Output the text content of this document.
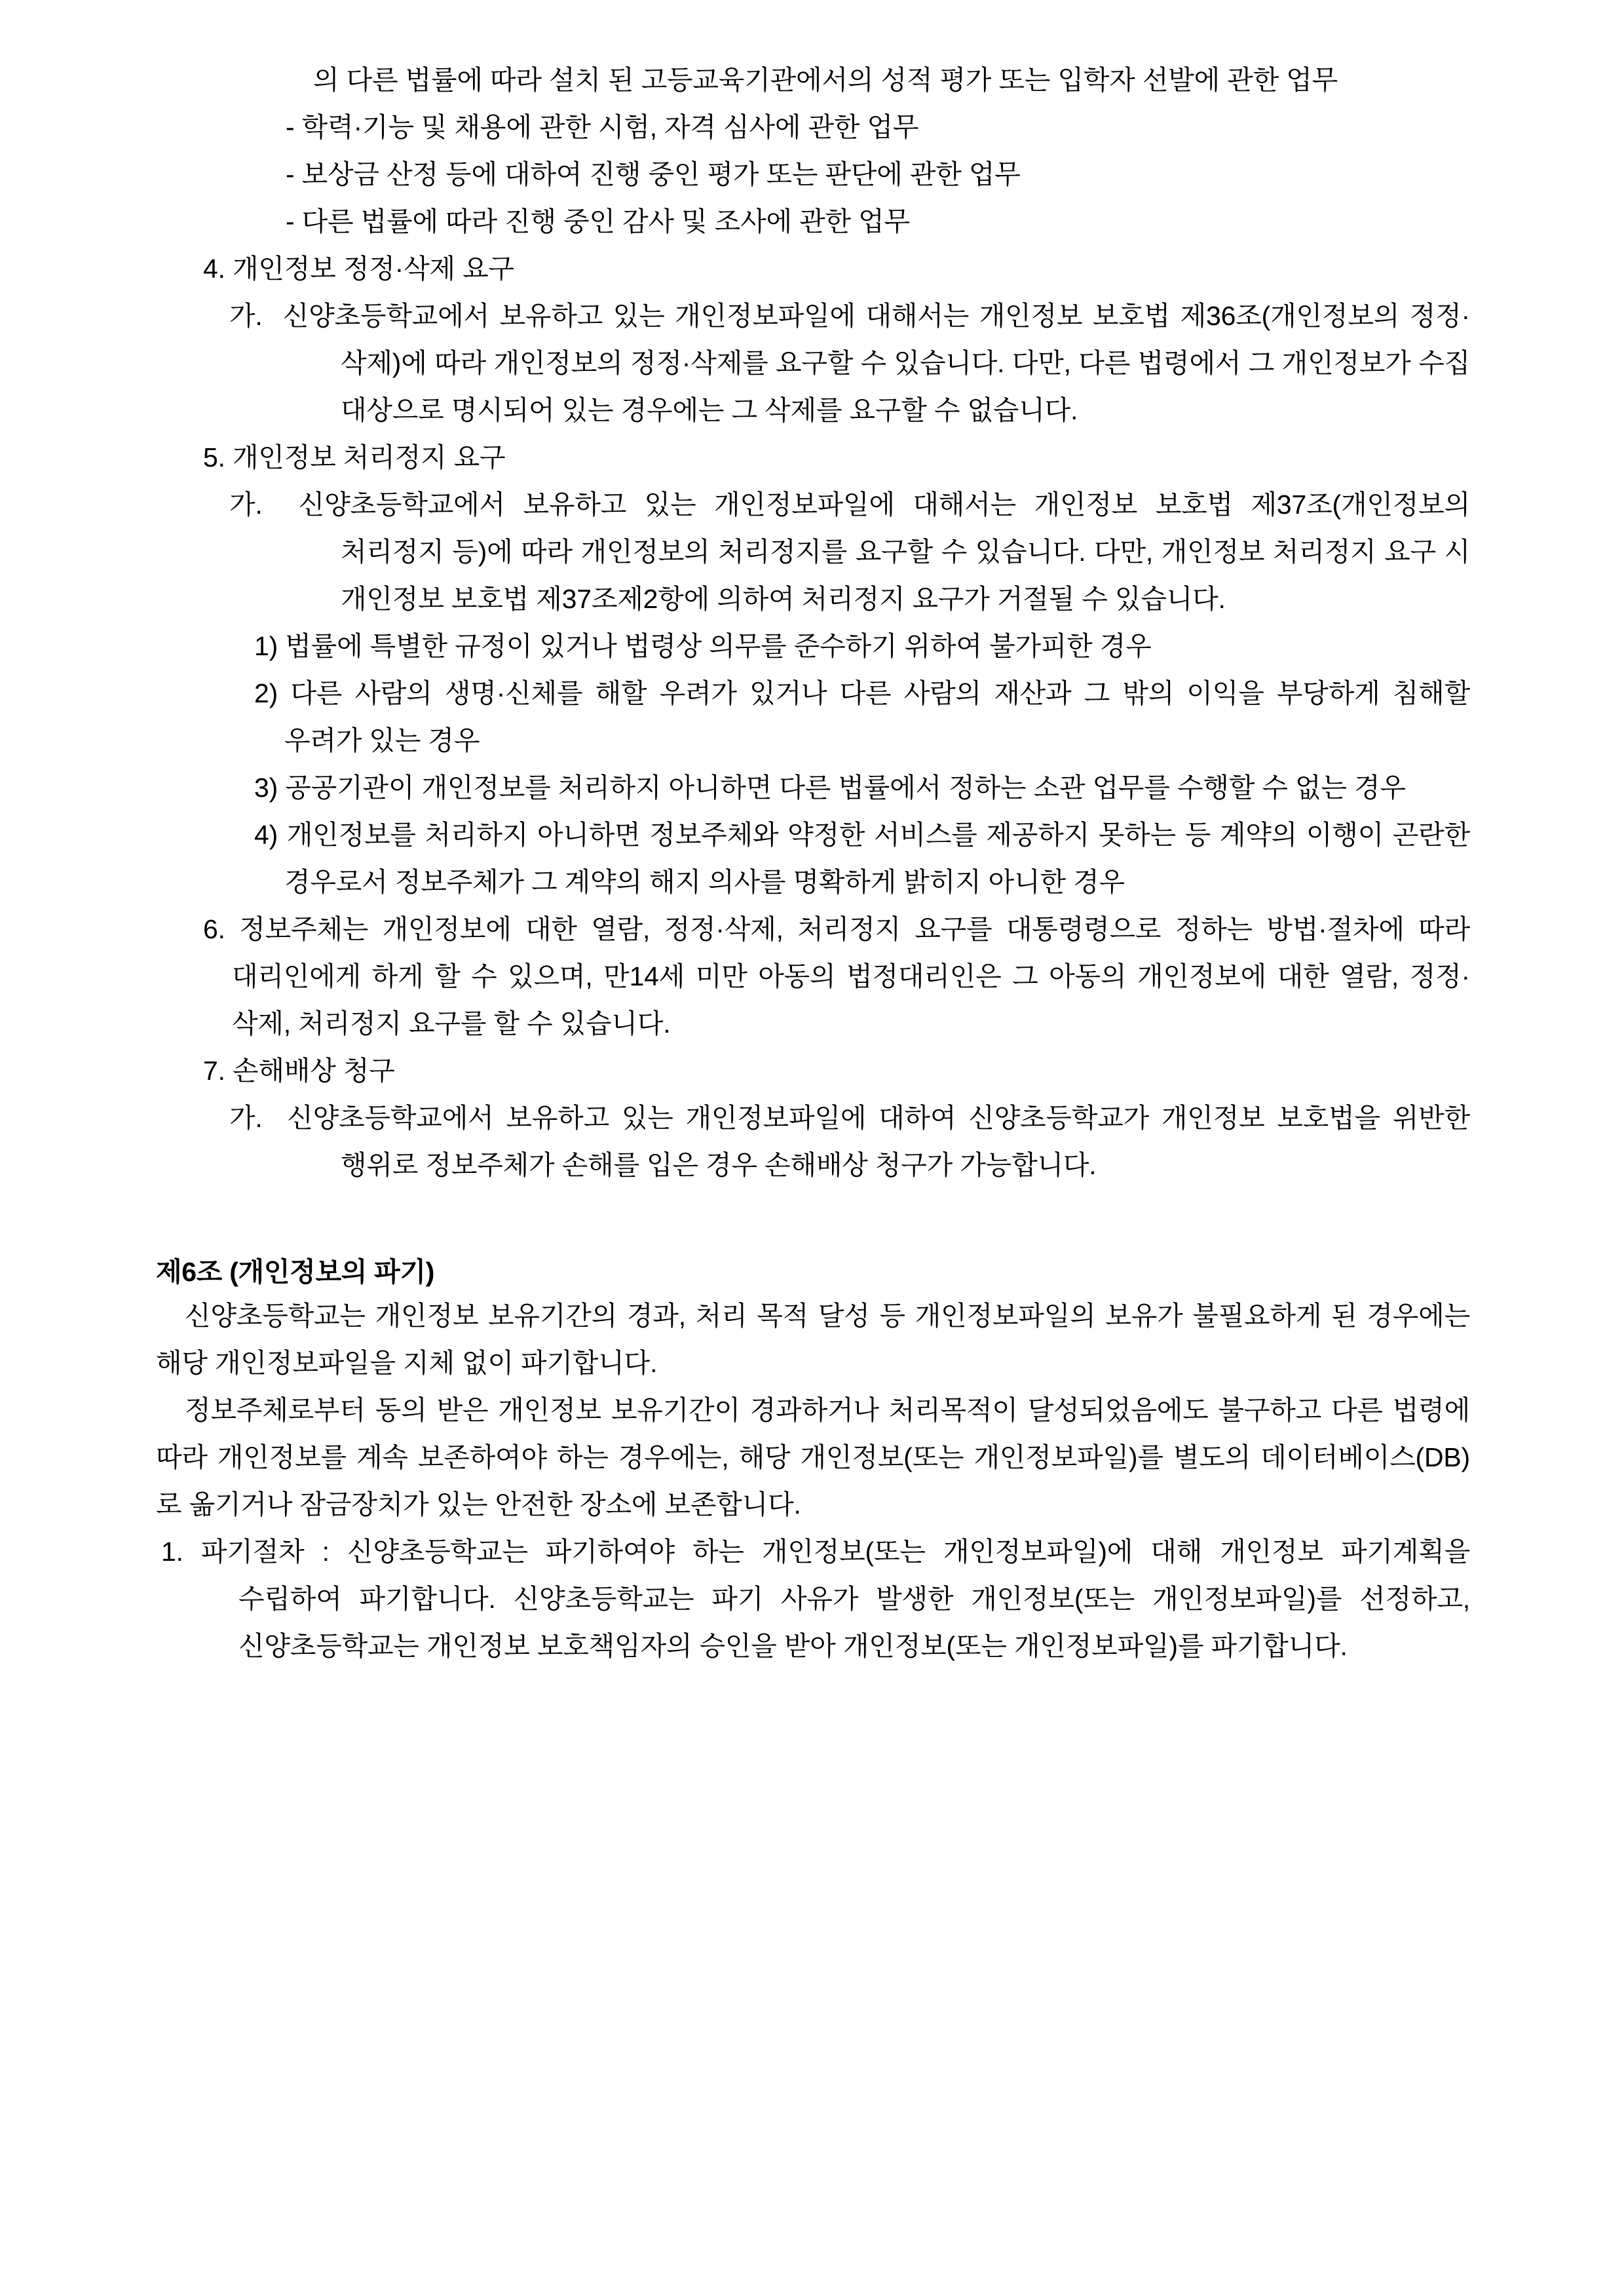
의 다른 법률에 따라 설치 된 고등교육기관에서의 성적 평가 또는 입학자 선발에 관한 업무

- 학력·기능 및 채용에 관한 시험, 자격 심사에 관한 업무

- 보상금 산정 등에 대하여 진행 중인 평가 또는 판단에 관한 업무

- 다른 법률에 따라 진행 중인 감사 및 조사에 관한 업무

4. 개인정보 정정·삭제 요구

가. 신양초등학교에서 보유하고 있는 개인정보파일에 대해서는 개인정보 보호법 제36조(개인정보의 정정·삭제)에 따라 개인정보의 정정·삭제를 요구할 수 있습니다. 다만, 다른 법령에서 그 개인정보가 수집 대상으로 명시되어 있는 경우에는 그 삭제를 요구할 수 없습니다.

5. 개인정보 처리정지 요구

가. 신양초등학교에서 보유하고 있는 개인정보파일에 대해서는 개인정보 보호법 제37조(개인정보의 처리정지 등)에 따라 개인정보의 처리정지를 요구할 수 있습니다. 다만, 개인정보 처리정지 요구 시 개인정보 보호법 제37조제2항에 의하여 처리정지 요구가 거절될 수 있습니다.

1) 법률에 특별한 규정이 있거나 법령상 의무를 준수하기 위하여 불가피한 경우

2) 다른 사람의 생명·신체를 해할 우려가 있거나 다른 사람의 재산과 그 밖의 이익을 부당하게 침해할 우려가 있는 경우

3) 공공기관이 개인정보를 처리하지 아니하면 다른 법률에서 정하는 소관 업무를 수행할 수 없는 경우

4) 개인정보를 처리하지 아니하면 정보주체와 약정한 서비스를 제공하지 못하는 등 계약의 이행이 곤란한 경우로서 정보주체가 그 계약의 해지 의사를 명확하게 밝히지 아니한 경우

6. 정보주체는 개인정보에 대한 열람, 정정·삭제, 처리정지 요구를 대통령령으로 정하는 방법·절차에 따라 대리인에게 하게 할 수 있으며, 만14세 미만 아동의 법정대리인은 그 아동의 개인정보에 대한 열람, 정정·삭제, 처리정지 요구를 할 수 있습니다.

7. 손해배상 청구

가. 신양초등학교에서 보유하고 있는 개인정보파일에 대하여 신양초등학교가 개인정보 보호법을 위반한 행위로 정보주체가 손해를 입은 경우 손해배상 청구가 가능합니다.

제6조 (개인정보의 파기)

신양초등학교는 개인정보 보유기간의 경과, 처리 목적 달성 등 개인정보파일의 보유가 불필요하게 된 경우에는 해당 개인정보파일을 지체 없이 파기합니다.

정보주체로부터 동의 받은 개인정보 보유기간이 경과하거나 처리목적이 달성되었음에도 불구하고 다른 법령에 따라 개인정보를 계속 보존하여야 하는 경우에는, 해당 개인정보(또는 개인정보파일)를 별도의 데이터베이스(DB)로 옮기거나 잠금장치가 있는 안전한 장소에 보존합니다.

1. 파기절차 : 신양초등학교는 파기하여야 하는 개인정보(또는 개인정보파일)에 대해 개인정보 파기계획을 수립하여 파기합니다. 신양초등학교는 파기 사유가 발생한 개인정보(또는 개인정보파일)를 선정하고, 신양초등학교는 개인정보 보호책임자의 승인을 받아 개인정보(또는 개인정보파일)를 파기합니다.
